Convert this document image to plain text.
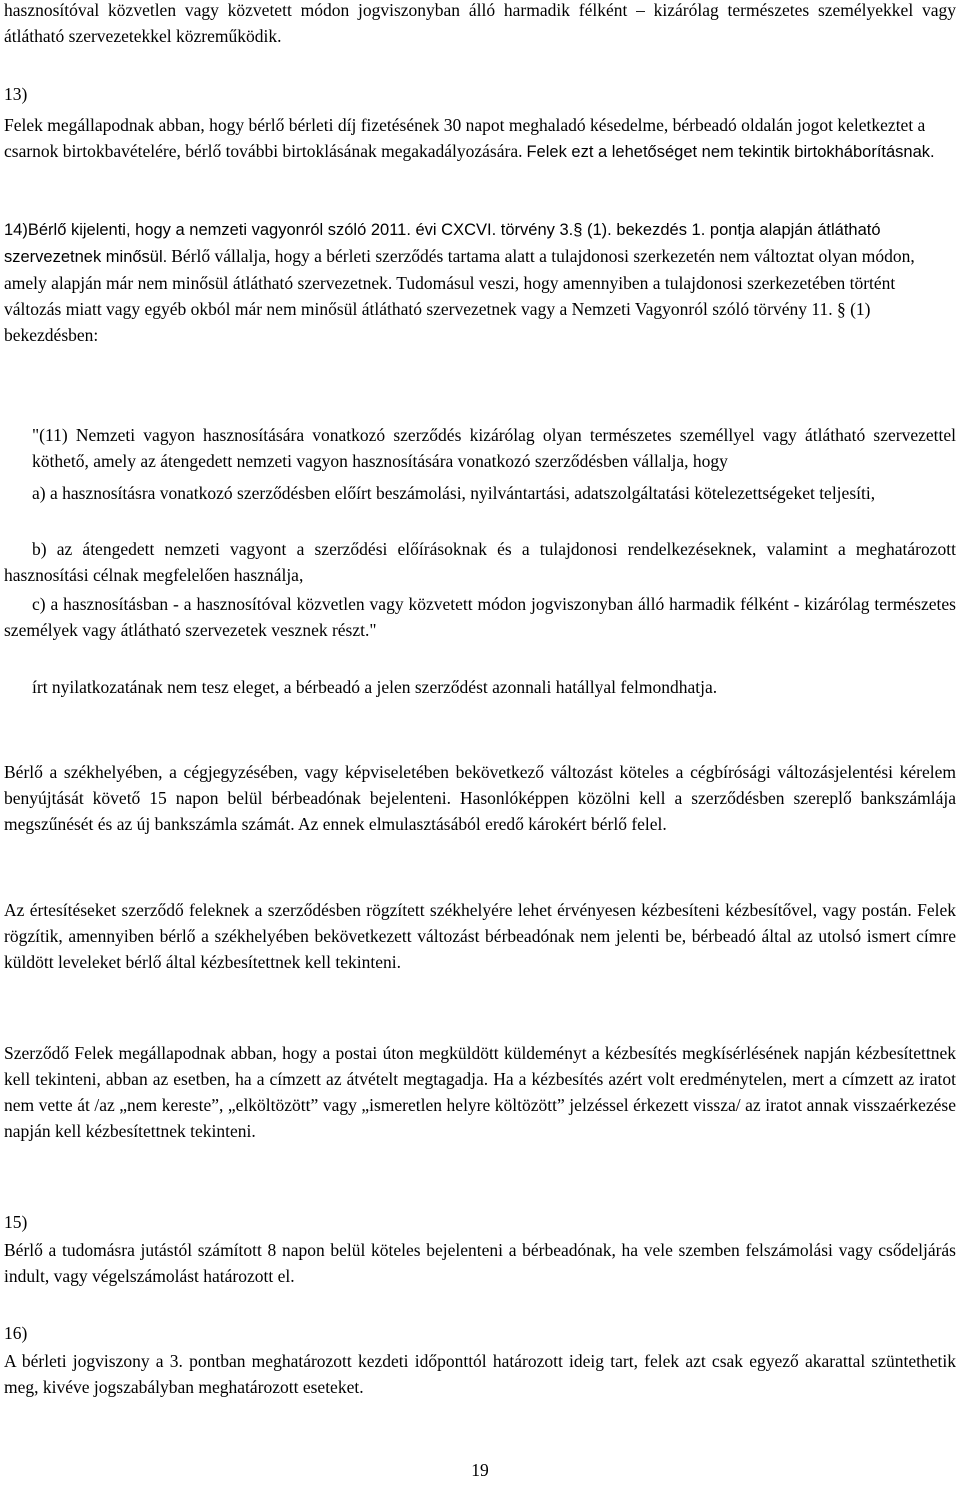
hasznosítóval közvetlen vagy közvetett módon jogviszonyban álló harmadik félként – kizárólag természetes személyekkel vagy átlátható szervezetekkel közreműködik.

13)

Felek megállapodnak abban, hogy bérlő bérleti díj fizetésének 30 napot meghaladó késedelme, bérbeadó oldalán jogot keletkeztet a csarnok birtokbavételére, bérlő további birtoklásának megakadályozására. Felek ezt a lehetőséget nem tekintik birtokháborításnak.

14)Bérlő kijelenti, hogy a nemzeti vagyonról szóló 2011. évi CXCVI. törvény 3.§ (1). bekezdés 1. pontja alapján átlátható szervezetnek minősül. Bérlő vállalja, hogy a bérleti szerződés tartama alatt a tulajdonosi szerkezetén nem változtat olyan módon, amely alapján már nem minősül átlátható szervezetnek. Tudomásul veszi, hogy amennyiben a tulajdonosi szerkezetében történt változás miatt vagy egyéb okból már nem minősül átlátható szervezetnek vagy a Nemzeti Vagyonról szóló törvény 11. § (1) bekezdésben:

"(11) Nemzeti vagyon hasznosítására vonatkozó szerződés kizárólag olyan természetes személlyel vagy átlátható szervezettel köthető, amely az átengedett nemzeti vagyon hasznosítására vonatkozó szerződésben vállalja, hogy

a) a hasznosításra vonatkozó szerződésben előírt beszámolási, nyilvántartási, adatszolgáltatási kötelezettségeket teljesíti,

b) az átengedett nemzeti vagyont a szerződési előírásoknak és a tulajdonosi rendelkezéseknek, valamint a meghatározott hasznosítási célnak megfelelően használja,

c) a hasznosításban - a hasznosítóval közvetlen vagy közvetett módon jogviszonyban álló harmadik félként - kizárólag természetes személyek vagy átlátható szervezetek vesznek részt."

írt nyilatkozatának nem tesz eleget, a bérbeadó a jelen szerződést azonnali hatállyal felmondhatja.

Bérlő a székhelyében, a cégjegyzésében, vagy képviseletében bekövetkező változást köteles a cégbírósági változásjelentési kérelem benyújtását követő 15 napon belül bérbeadónak bejelenteni. Hasonlóképpen közölni kell a szerződésben szereplő bankszámlája megszűnését és az új bankszámla számát. Az ennek elmulasztásából eredő károkért bérlő felel.

Az értesítéseket szerződő feleknek a szerződésben rögzített székhelyére lehet érvényesen kézbesíteni kézbesítővel, vagy postán. Felek rögzítik, amennyiben bérlő a székhelyében bekövetkezett változást bérbeadónak nem jelenti be, bérbeadó által az utolsó ismert címre küldött leveleket bérlő által kézbesítettnek kell tekinteni.

Szerződő Felek megállapodnak abban, hogy a postai úton megküldött küldeményt a kézbesítés megkísérlésének napján kézbesítettnek kell tekinteni, abban az esetben, ha a címzett az átvételt megtagadja. Ha a kézbesítés azért volt eredménytelen, mert a címzett az iratot nem vette át /az „nem kereste”, „elköltözött” vagy „ismeretlen helyre költözött” jelzéssel érkezett vissza/ az iratot annak visszaérkezése napján kell kézbesítettnek tekinteni.

15)

Bérlő a tudomásra jutástól számított 8 napon belül köteles bejelenteni a bérbeadónak, ha vele szemben felszámolási vagy csődeljárás indult, vagy végelszámolást határozott el.

16)

A bérleti jogviszony a 3. pontban meghatározott kezdeti időponttól határozott ideig tart, felek azt csak egyező akarattal szüntethetik meg, kivéve jogszabályban meghatározott eseteket.

19
